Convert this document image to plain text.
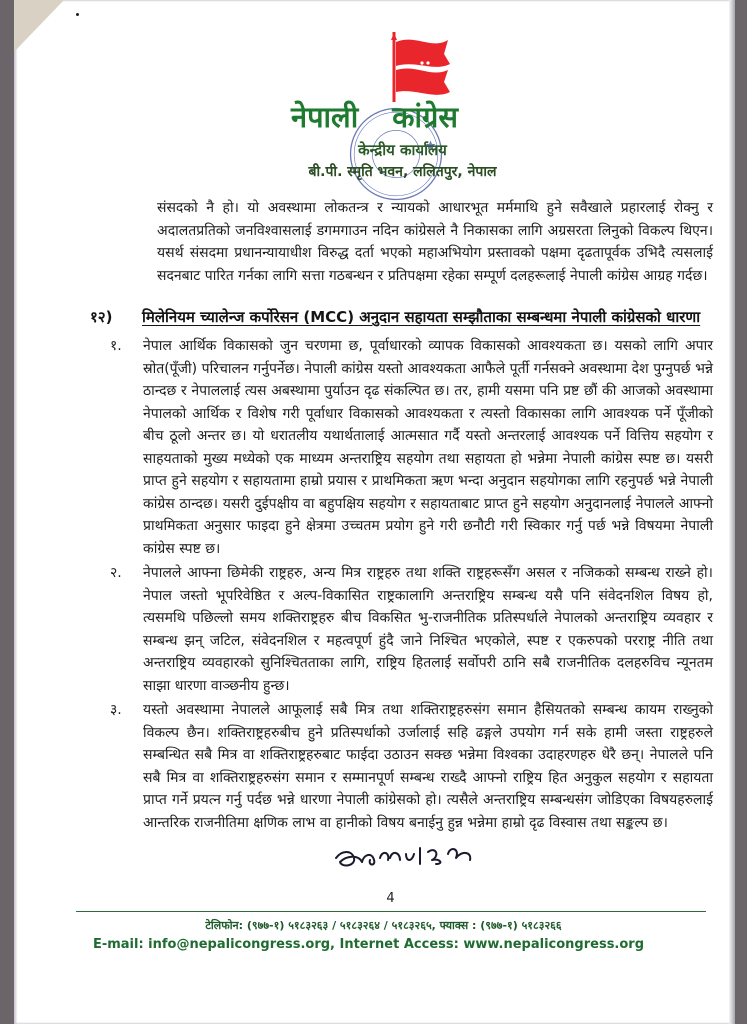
नेपाली कांग्रेस
केन्द्रीय कार्यालय
बी.पी. स्मृति भवन, ललितपुर, नेपाल
संसदको नै हो। यो अवस्थामा लोकतन्त्र र न्यायको आधारभूत मर्ममाथि हुने सवैखाले प्रहारलाई रोक्नु र अदालतप्रतिको जनविश्वासलाई डगमगाउन नदिन कांग्रेसले नै निकासका लागि अग्रसरता लिनुको विकल्प थिएन। यसर्थ संसदमा प्रधानन्यायाधीश विरुद्ध दर्ता भएको महाअभियोग प्रस्तावको पक्षमा दृढतापूर्वक उभिदै त्यसलाई सदनबाट पारित गर्नका लागि सत्ता गठबन्धन र प्रतिपक्षमा रहेका सम्पूर्ण दलहरूलाई नेपाली कांग्रेस आग्रह गर्दछ।
१२)	मिलेनियम च्यालेन्ज कर्पोरेसन (MCC) अनुदान सहायता सम्झौताका सम्बन्धमा नेपाली कांग्रेसको धारणा
१.	नेपाल आर्थिक विकासको जुन चरणमा छ, पूर्वाधारको व्यापक विकासको आवश्यकता छ। यसको लागि अपार स्रोत(पूँजी) परिचालन गर्नुपर्नेछ। नेपाली कांग्रेस यस्तो आवश्यकता आफैले पूर्ती गर्नसक्ने अवस्थामा देश पुग्नुपर्छ भन्ने ठान्दछ र नेपाललाई त्यस अबस्थामा पुर्याउन दृढ संकल्पित छ। तर, हामी यसमा पनि प्रष्ट छौं की आजको अवस्थामा नेपालको आर्थिक र विशेष गरी पूर्वाधार विकासको आवश्यकता र त्यस्तो विकासका लागि आवश्यक पर्ने पूँजीको बीच ठूलो अन्तर छ। यो धरातलीय यथार्थतालाई आत्मसात गर्दै यस्तो अन्तरलाई आवश्यक पर्ने वित्तिय सहयोग र साहयताको मुख्य मध्येको एक माध्यम अन्तराष्ट्रिय सहयोग तथा सहायता हो भन्नेमा नेपाली कांग्रेस स्पष्ट छ। यसरी प्राप्त हुने सहयोग र सहायतामा हाम्रो प्रयास र प्राथमिकता ऋण भन्दा अनुदान सहयोगका लागि रहनुपर्छ भन्ने नेपाली कांग्रेस ठान्दछ। यसरी दुईपक्षीय वा बहुपक्षिय सहयोग र सहायताबाट प्राप्त हुने सहयोग अनुदानलाई नेपालले आफ्नो प्राथमिकता अनुसार फाइदा हुने क्षेत्रमा उच्चतम प्रयोग हुने गरी छनौटी गरी स्विकार गर्नु पर्छ भन्ने विषयमा नेपाली कांग्रेस स्पष्ट छ।
२.	नेपालले आफ्ना छिमेकी राष्ट्रहरु, अन्य मित्र राष्ट्रहरु तथा शक्ति राष्ट्रहरूसँग असल र नजिकको सम्बन्ध राख्ने हो। नेपाल जस्तो भूपरिवेष्ठित र अल्प-विकासित राष्ट्रकालागि अन्तराष्ट्रिय सम्बन्ध यसै पनि संवेदनशिल विषय हो, त्यसमथि पछिल्लो समय शक्तिराष्ट्रहरु बीच विकसित भु-राजनीतिक प्रतिस्पर्धाले नेपालको अन्तराष्ट्रिय व्यवहार र सम्बन्ध झन् जटिल, संवेदनशिल र महत्वपूर्ण हुंदै जाने निश्चित भएकोले, स्पष्ट र एकरुपको परराष्ट्र नीति तथा अन्तराष्ट्रिय व्यवहारको सुनिश्चितताका लागि, राष्ट्रिय हितलाई सर्वोपरी ठानि सबै राजनीतिक दलहरुविच न्यूनतम साझा धारणा वाञ्छनीय हुन्छ।
३.	यस्तो अवस्थामा नेपालले आफूलाई सबै मित्र तथा शक्तिराष्ट्रहरुसंग समान हैसियतको सम्बन्ध कायम राख्नुको विकल्प छैन। शक्तिराष्ट्रहरुबीच हुने प्रतिस्पर्धाको उर्जालाई सहि ढङ्गले उपयोग गर्न सके हामी जस्ता राष्ट्रहरुले सम्बन्धित सबै मित्र वा शक्तिराष्ट्रहरुबाट फाईदा उठाउन सक्छ भन्नेमा विश्वका उदाहरणहरु धेरै छन्। नेपालले पनि सबै मित्र वा शक्तिराष्ट्रहरुसंग समान र सम्मानपूर्ण सम्बन्ध राख्दै आफ्नो राष्ट्रिय हित अनुकुल सहयोग र सहायता प्राप्त गर्ने प्रयत्न गर्नु पर्दछ भन्ने धारणा नेपाली कांग्रेसको हो। त्यसैले अन्तराष्ट्रिय सम्बन्धसंग जोडिएका विषयहरुलाई आन्तरिक राजनीतिमा क्षणिक लाभ वा हानीको विषय बनाईनु हुन्न भन्नेमा हाम्रो दृढ विस्वास तथा सङ्कल्प छ।
4
टेलिफोन: (९७७-१) ५१८३२६३ / ५१८३२६४ / ५१८३२६५, फ्याक्स : (९७७-१) ५१८३२६६
E-mail: info@nepalicongress.org, Internet Access: www.nepalicongress.org
